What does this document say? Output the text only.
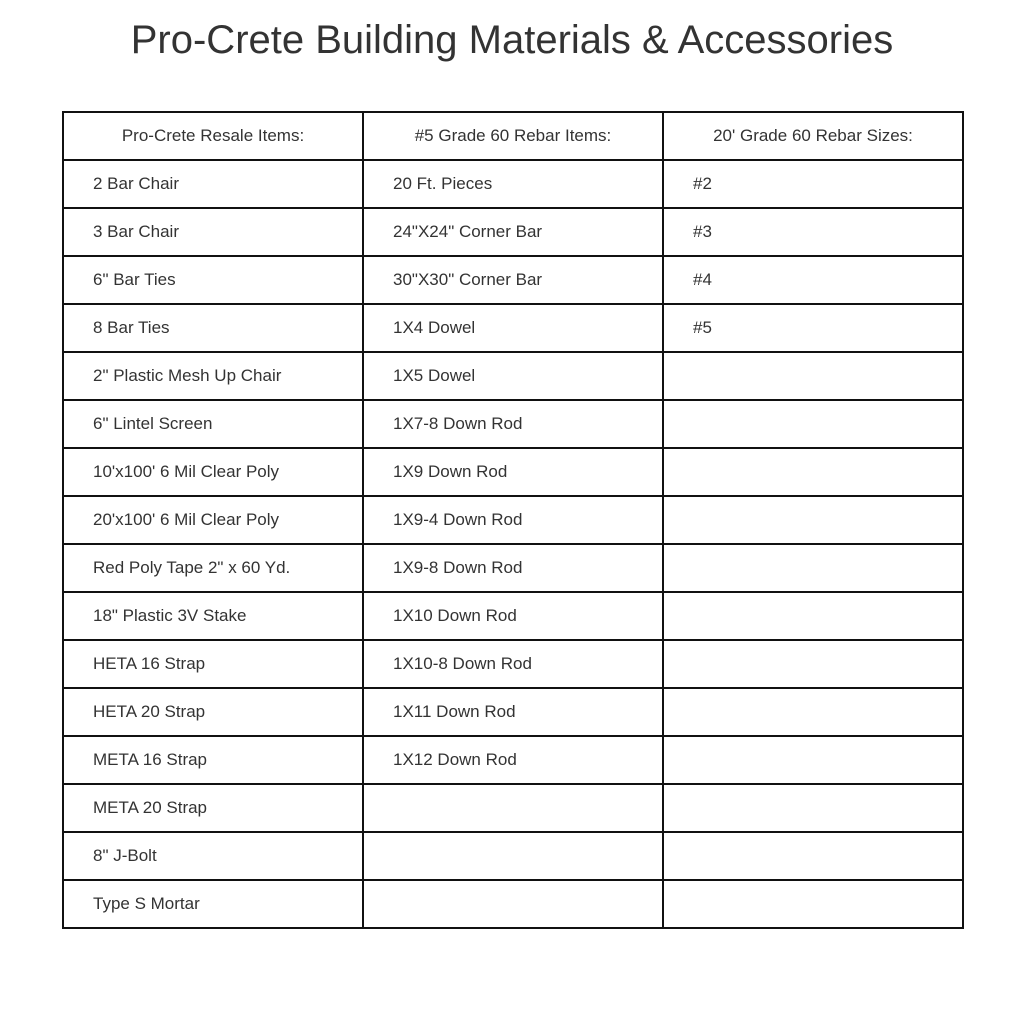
Pro-Crete Building Materials & Accessories
Pro-Crete Resale Items:	#5 Grade 60 Rebar Items:	20' Grade 60 Rebar Sizes:
2 Bar Chair	20 Ft. Pieces	#2
3 Bar Chair	24"X24" Corner Bar	#3
6" Bar Ties	30"X30" Corner Bar	#4
8 Bar Ties	1X4 Dowel	#5
2" Plastic Mesh Up Chair	1X5 Dowel	
6" Lintel Screen	1X7-8 Down Rod	
10'x100' 6 Mil Clear Poly	1X9 Down Rod	
20'x100' 6 Mil Clear Poly	1X9-4 Down Rod	
Red Poly Tape 2" x 60 Yd.	1X9-8 Down Rod	
18" Plastic 3V Stake	1X10 Down Rod	
HETA 16 Strap	1X10-8 Down Rod	
HETA 20 Strap	1X11 Down Rod	
META 16 Strap	1X12 Down Rod	
META 20 Strap		
8" J-Bolt		
Type S Mortar		
